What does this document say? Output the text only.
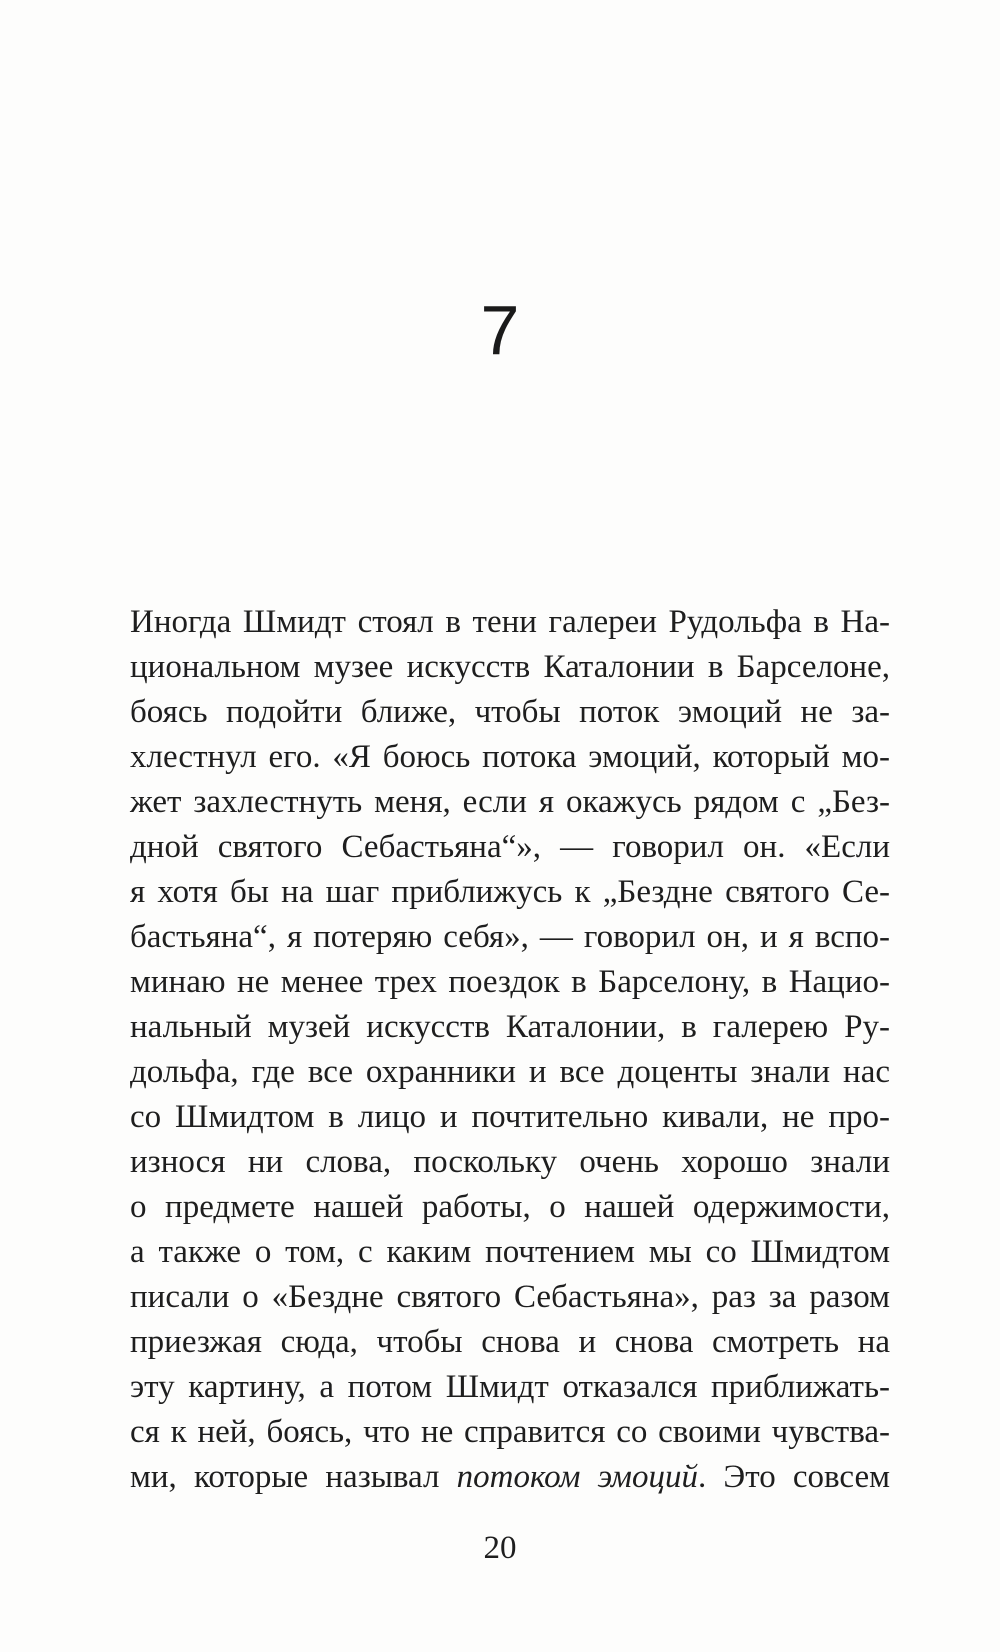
7
Иногда Шмидт стоял в тени галереи Рудольфа в На-
циональном музее искусств Каталонии в Барселоне,
боясь подойти ближе, чтобы поток эмоций не за-
хлестнул его. «Я боюсь потока эмоций, который мо-
жет захлестнуть меня, если я окажусь рядом с „Без-
дной святого Себастьяна“», — говорил он. «Если
я хотя бы на шаг приближусь к „Бездне святого Се-
бастьяна“, я потеряю себя», — говорил он, и я вспо-
минаю не менее трех поездок в Барселону, в Нацио-
нальный музей искусств Каталонии, в галерею Ру-
дольфа, где все охранники и все доценты знали нас
со Шмидтом в лицо и почтительно кивали, не про-
износя ни слова, поскольку очень хорошо знали
о предмете нашей работы, о нашей одержимости,
а также о том, с каким почтением мы со Шмидтом
писали о «Бездне святого Себастьяна», раз за разом
приезжая сюда, чтобы снова и снова смотреть на
эту картину, а потом Шмидт отказался приближать-
ся к ней, боясь, что не справится со своими чувства-
ми, которые называл потоком эмоций. Это совсем
20
